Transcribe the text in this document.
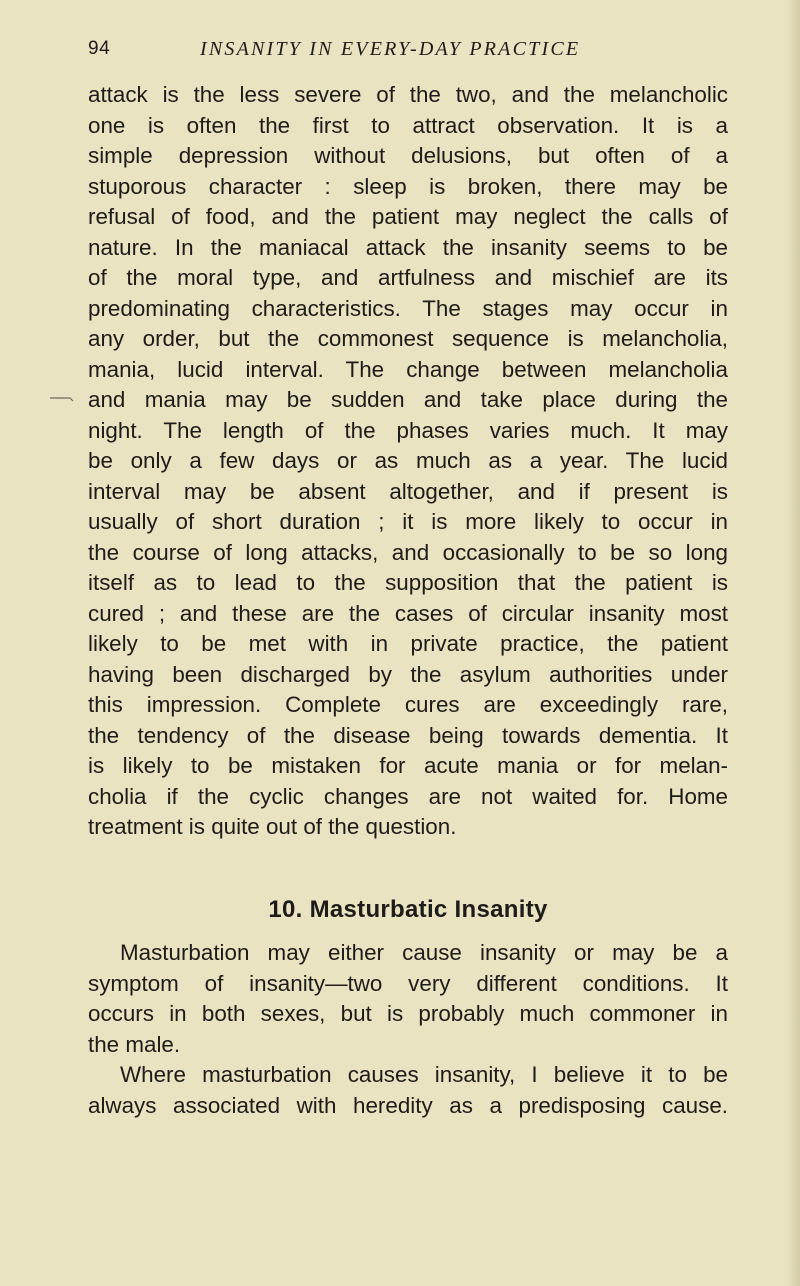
94	INSANITY IN EVERY-DAY PRACTICE
attack is the less severe of the two, and the melancholic
one is often the first to attract observation. It is a
simple depression without delusions, but often of a
stuporous character : sleep is broken, there may be
refusal of food, and the patient may neglect the calls of
nature. In the maniacal attack the insanity seems to be
of the moral type, and artfulness and mischief are its
predominating characteristics. The stages may occur in
any order, but the commonest sequence is melancholia,
mania, lucid interval. The change between melancholia
and mania may be sudden and take place during the
night. The length of the phases varies much. It may
be only a few days or as much as a year. The lucid
interval may be absent altogether, and if present is
usually of short duration ; it is more likely to occur in
the course of long attacks, and occasionally to be so long
itself as to lead to the supposition that the patient is
cured ; and these are the cases of circular insanity most
likely to be met with in private practice, the patient
having been discharged by the asylum authorities under
this impression. Complete cures are exceedingly rare,
the tendency of the disease being towards dementia. It
is likely to be mistaken for acute mania or for melan-
cholia if the cyclic changes are not waited for. Home
treatment is quite out of the question.
10. Masturbatic Insanity
Masturbation may either cause insanity or may be a
symptom of insanity—two very different conditions. It
occurs in both sexes, but is probably much commoner in
the male.
Where masturbation causes insanity, I believe it to be
always associated with heredity as a predisposing cause.
